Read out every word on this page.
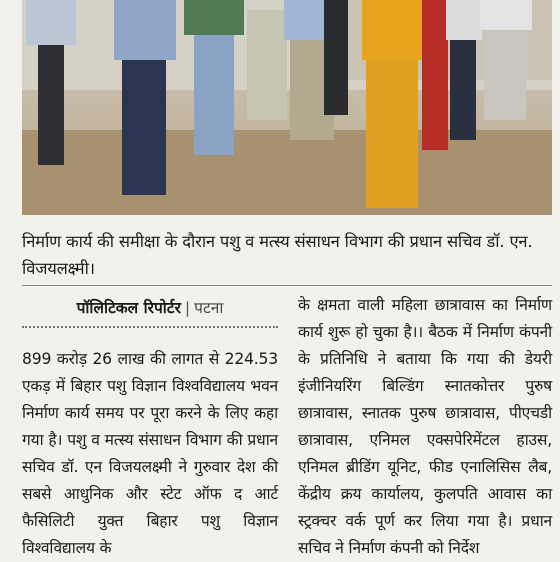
निर्माण कार्य की समीक्षा के दौरान पशु व मत्स्य संसाधन विभाग की प्रधान सचिव डॉ. एन. विजयलक्ष्मी।
पॉलिटिकल रिपोर्टर | पटना
899 करोड़ 26 लाख की लागत से 224.53 एकड़ में बिहार पशु विज्ञान विश्वविद्यालय भवन निर्माण कार्य समय पर पूरा करने के लिए कहा गया है। पशु व मत्स्य संसाधन विभाग की प्रधान सचिव डॉ. एन विजयलक्ष्मी ने गुरुवार देश की सबसे आधुनिक और स्टेट ऑफ द आर्ट फैसिलिटी युक्त बिहार पशु विज्ञान विश्वविद्यालय के
के क्षमता वाली महिला छात्रावास का निर्माण कार्य शुरू हो चुका है।। बैठक में निर्माण कंपनी के प्रतिनिधि ने बताया कि गया की डेयरी इंजीनियरिंग बिल्डिंग स्नातकोत्तर पुरुष छात्रावास, स्नातक पुरुष छात्रावास, पीएचडी छात्रावास, एनिमल एक्सपेरिमेंटल हाउस, एनिमल ब्रीडिंग यूनिट, फीड एनालिसिस लैब, केंद्रीय क्रय कार्यालय, कुलपति आवास का स्ट्रक्चर वर्क पूर्ण कर लिया गया है। प्रधान सचिव ने निर्माण कंपनी को निर्देश
